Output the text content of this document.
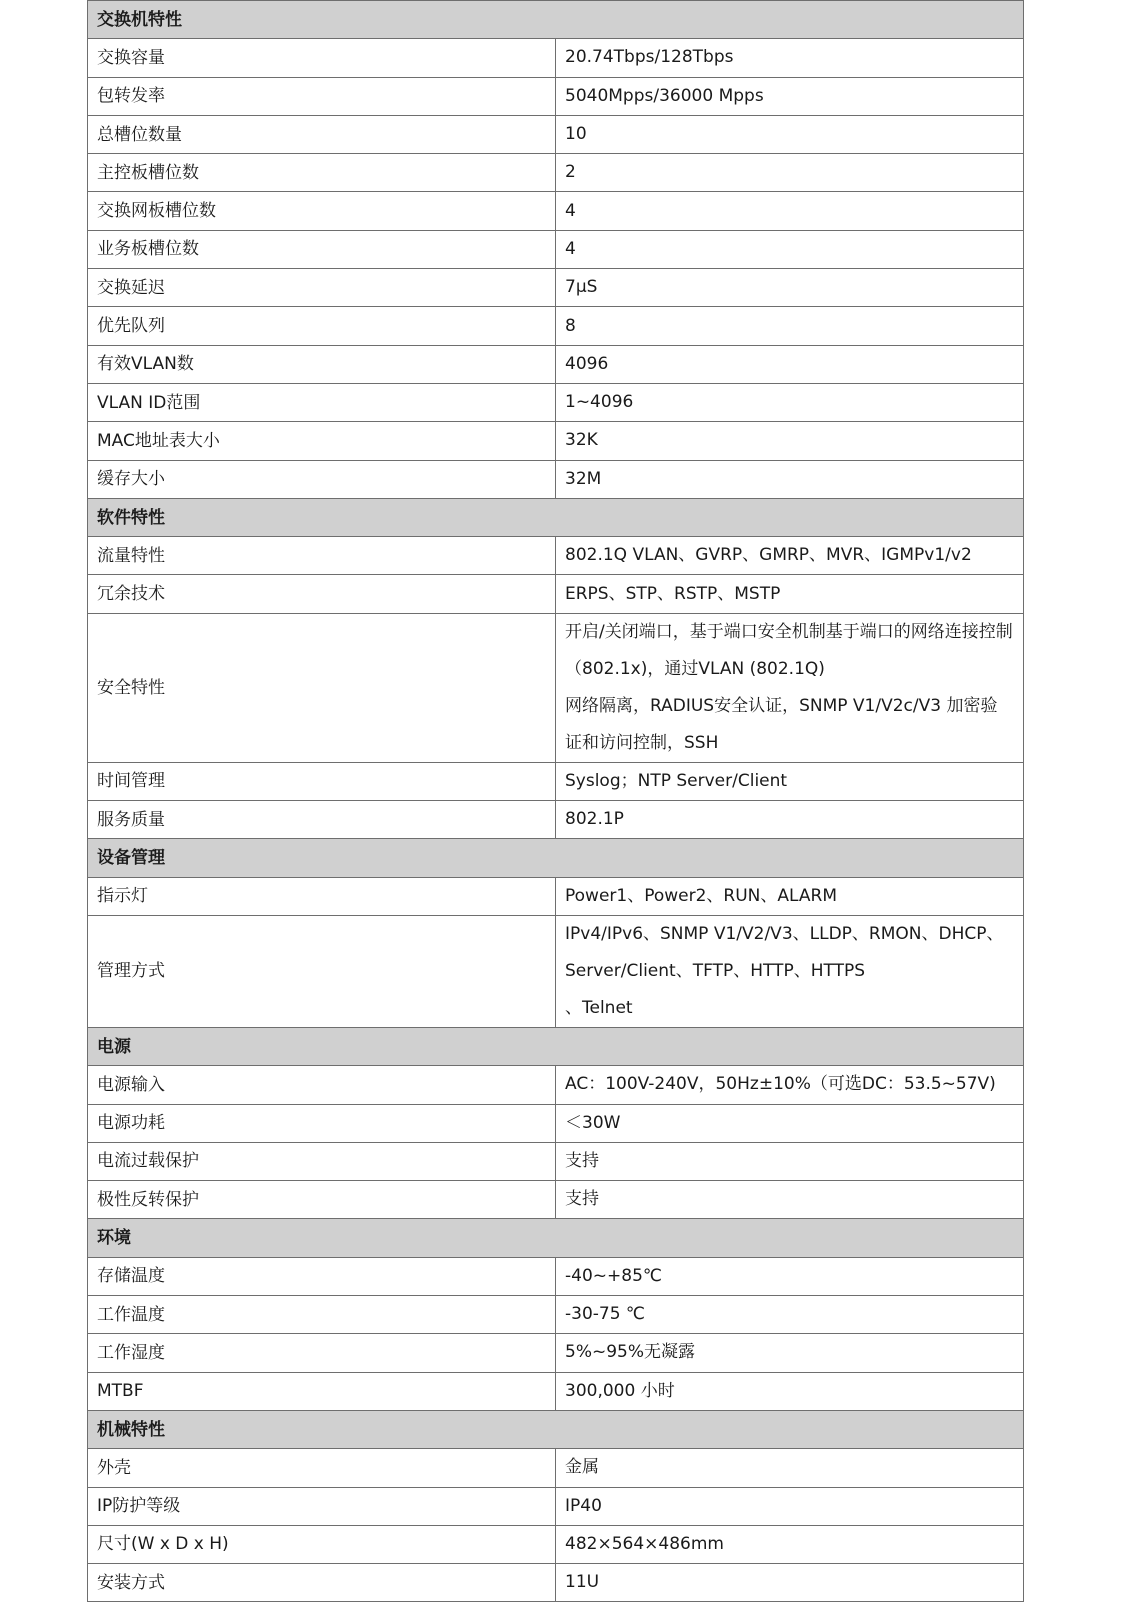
交换机特性	
交换容量	20.74Tbps/128Tbps

包转发率	5040Mpps/36000 Mpps

总槽位数量	10

主控板槽位数	2

交换网板槽位数	4

业务板槽位数	4

交换延迟	7μS

优先队列	8

有效VLAN数	4096

VLAN ID范围	1~4096

MAC地址表大小	32K

缓存大小	32M

软件特性	
流量特性	802.1Q VLAN、GVRP、GMRP、MVR、IGMPv1/v2

冗余技术	ERPS、STP、RSTP、MSTP

安全特性	开启/关闭端口，基于端口安全机制基于端口的网络连接控制（802.1x)，通过VLAN (802.1Q)
网络隔离，RADIUS安全认证，SNMP V1/V2c/V3 加密验证和访问控制，SSH

时间管理	Syslog；NTP Server/Client

服务质量	802.1P

设备管理	
指示灯	Power1、Power2、RUN、ALARM

管理方式	IPv4/IPv6、SNMP V1/V2/V3、LLDP、RMON、DHCP、Server/Client、TFTP、HTTP、HTTPS
、Telnet

电源	
电源输入	AC：100V-240V，50Hz±10%（可选DC：53.5~57V)

电源功耗	＜30W

电流过载保护	支持

极性反转保护	支持

环境	
存储温度	-40~+85℃

工作温度	-30-75 ℃

工作湿度	5%~95%无凝露

MTBF	300,000 小时

机械特性	
外壳	金属

IP防护等级	IP40

尺寸(W x D x H)	482×564×486mm

安装方式	11U
